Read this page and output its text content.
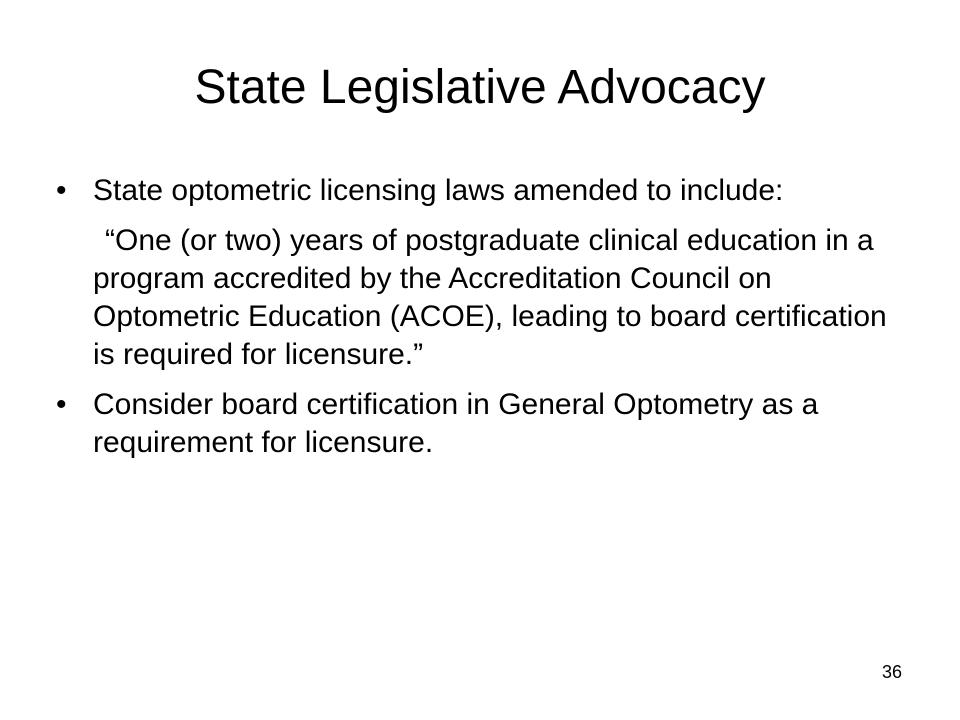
State Legislative Advocacy
• State optometric licensing laws amended to include:
“One (or two) years of postgraduate clinical education in a program accredited by the Accreditation Council on Optometric Education (ACOE), leading to board certification is required for licensure.”
• Consider board certification in General Optometry as a requirement for licensure.
36
